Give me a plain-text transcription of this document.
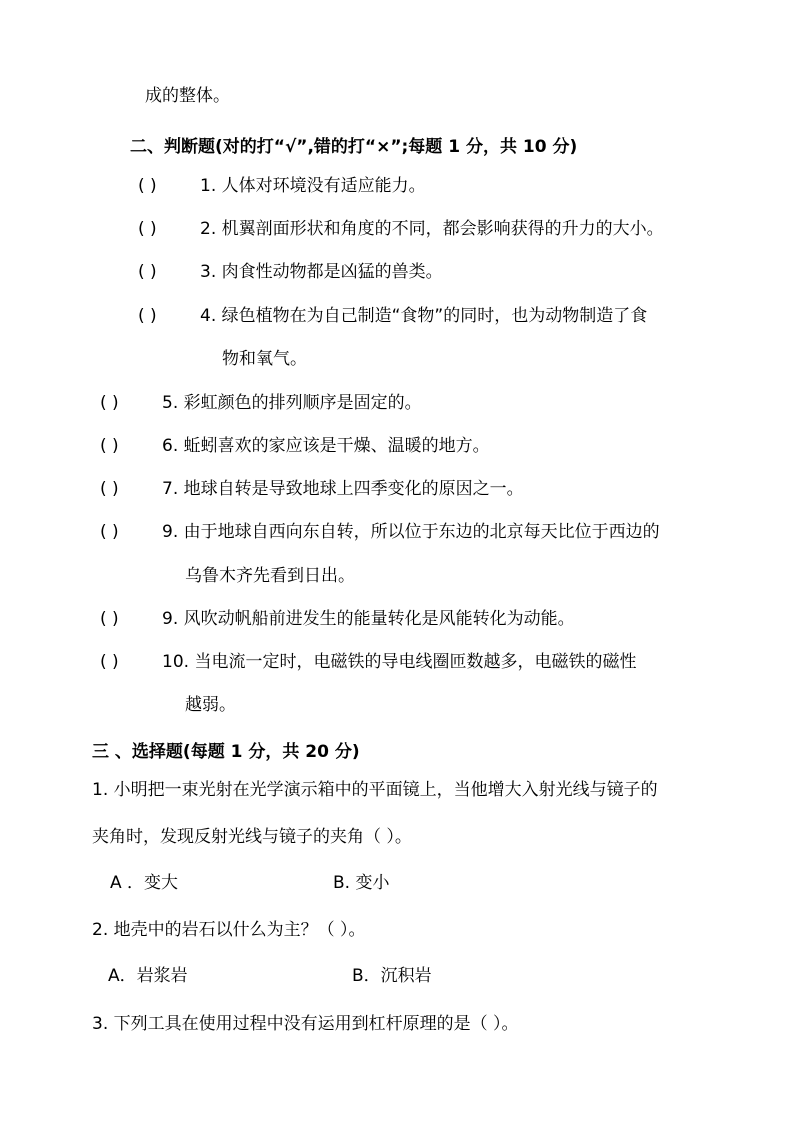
成的整体。
二、判断题(对的打“√”,错的打“×”;每题 1 分，共 10 分)
( )	1. 人体对环境没有适应能力。
( )	2. 机翼剖面形状和角度的不同，都会影响获得的升力的大小。
( )	3. 肉食性动物都是凶猛的兽类。
( )	4. 绿色植物在为自己制造“食物”的同时，也为动物制造了食
物和氧气。
( )	5. 彩虹颜色的排列顺序是固定的。
( )	6. 蚯蚓喜欢的家应该是干燥、温暖的地方。
( )	7. 地球自转是导致地球上四季变化的原因之一。
( )	9. 由于地球自西向东自转，所以位于东边的北京每天比位于西边的
乌鲁木齐先看到日出。
( )	9. 风吹动帆船前进发生的能量转化是风能转化为动能。
( )	10. 当电流一定时，电磁铁的导电线圈匝数越多，电磁铁的磁性
越弱。
三 、选择题(每题 1 分，共 20 分)
1. 小明把一束光射在光学演示箱中的平面镜上，当他增大入射光线与镜子的
夹角时，发现反射光线与镜子的夹角（ ）。
A ．变大	B. 变小
2. 地壳中的岩石以什么为主？（ ）。
A．岩浆岩	B．沉积岩
3. 下列工具在使用过程中没有运用到杠杆原理的是（ ）。
